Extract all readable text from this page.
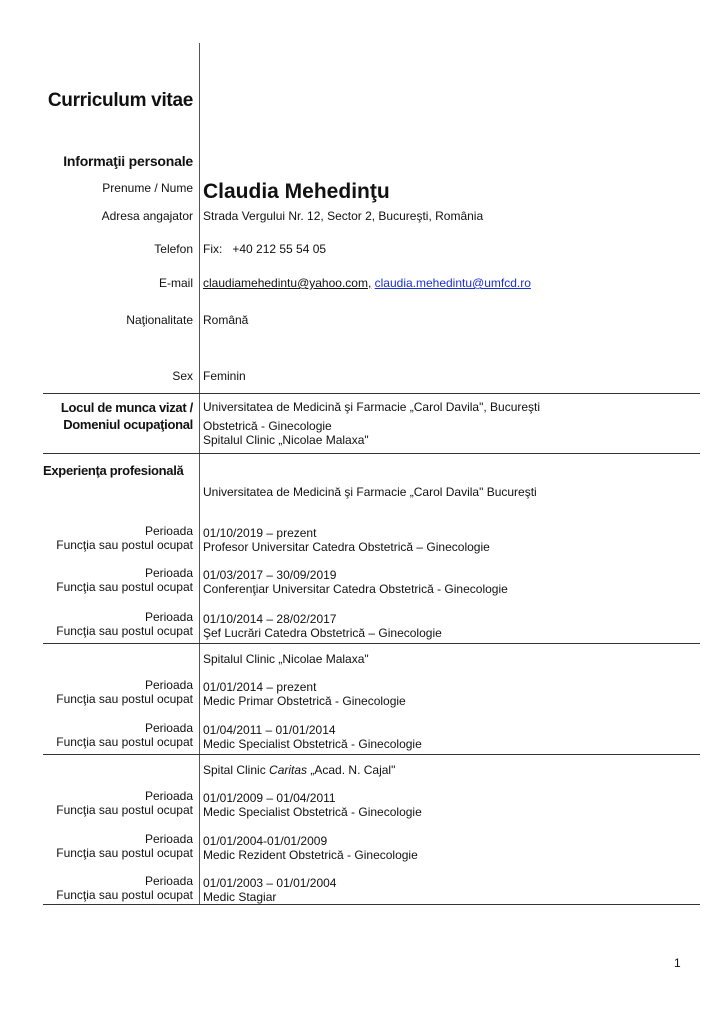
Curriculum vitae
Informaţii personale
Prenume / Nume Claudia Mehedinţu
Adresa angajator Strada Vergului Nr. 12, Sector 2, Bucureşti, România
Telefon Fix:   +40 212 55 54 05
E-mail claudiamehedintu@yahoo.com, claudia.mehedintu@umfcd.ro
Naţionalitate Română
Sex Feminin
Locul de munca vizat /
Domeniul ocupaţional
Universitatea de Medicină şi Farmacie „Carol Davila", Bucureşti
Obstetrică - Ginecologie
Spitalul Clinic „Nicolae Malaxa"
Experienţa profesională
Universitatea de Medicină şi Farmacie „Carol Davila" Bucureşti
Perioada
Funcţia sau postul ocupat
01/10/2019 – prezent
Profesor Universitar Catedra Obstetrică – Ginecologie
Perioada
Funcţia sau postul ocupat
01/03/2017 – 30/09/2019
Conferenţiar Universitar Catedra Obstetrică - Ginecologie
Perioada
Funcţia sau postul ocupat
01/10/2014 – 28/02/2017
Şef Lucrări Catedra Obstetrică – Ginecologie
Spitalul Clinic „Nicolae Malaxa"
Perioada
Funcţia sau postul ocupat
01/01/2014 – prezent
Medic Primar Obstetrică - Ginecologie
Perioada
Funcţia sau postul ocupat
01/04/2011 – 01/01/2014
Medic Specialist Obstetrică - Ginecologie
Spital Clinic Caritas „Acad. N. Cajal"
Perioada
Funcţia sau postul ocupat
01/01/2009 – 01/04/2011
Medic Specialist Obstetrică - Ginecologie
Perioada
Funcţia sau postul ocupat
01/01/2004-01/01/2009
Medic Rezident Obstetrică - Ginecologie
Perioada
Funcţia sau postul ocupat
01/01/2003 – 01/01/2004
Medic Stagiar
1
